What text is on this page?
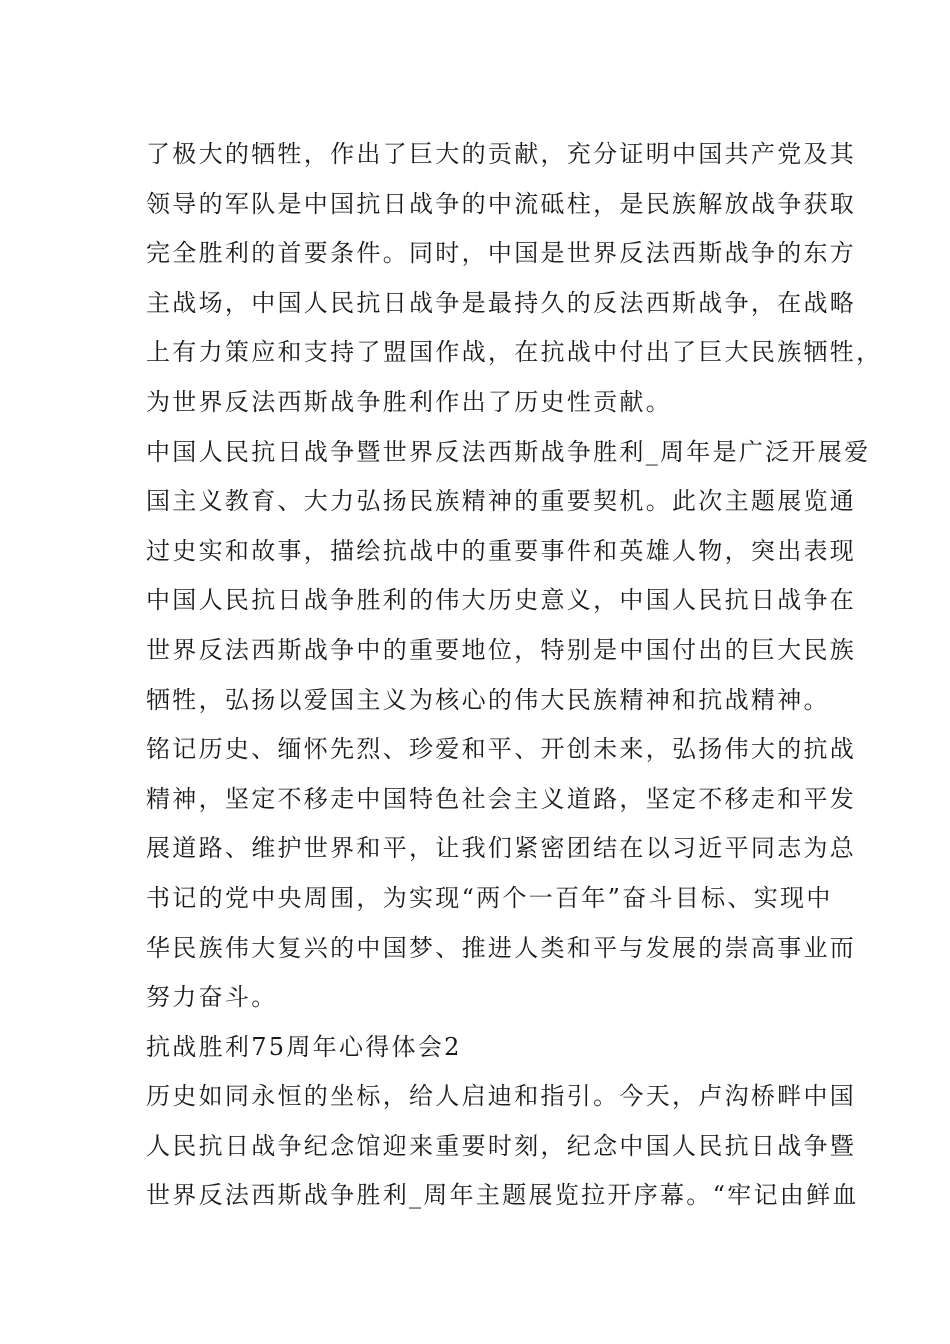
了极大的牺牲，作出了巨大的贡献，充分证明中国共产党及其
领导的军队是中国抗日战争的中流砥柱，是民族解放战争获取
完全胜利的首要条件。同时，中国是世界反法西斯战争的东方
主战场，中国人民抗日战争是最持久的反法西斯战争，在战略
上有力策应和支持了盟国作战，在抗战中付出了巨大民族牺牲，
为世界反法西斯战争胜利作出了历史性贡献。
中国人民抗日战争暨世界反法西斯战争胜利_周年是广泛开展爱
国主义教育、大力弘扬民族精神的重要契机。此次主题展览通
过史实和故事，描绘抗战中的重要事件和英雄人物，突出表现
中国人民抗日战争胜利的伟大历史意义，中国人民抗日战争在
世界反法西斯战争中的重要地位，特别是中国付出的巨大民族
牺牲，弘扬以爱国主义为核心的伟大民族精神和抗战精神。
铭记历史、缅怀先烈、珍爱和平、开创未来，弘扬伟大的抗战
精神，坚定不移走中国特色社会主义道路，坚定不移走和平发
展道路、维护世界和平，让我们紧密团结在以习近平同志为总
书记的党中央周围，为实现“两个一百年”奋斗目标、实现中
华民族伟大复兴的中国梦、推进人类和平与发展的崇高事业而
努力奋斗。
抗战胜利75周年心得体会2
历史如同永恒的坐标，给人启迪和指引。今天，卢沟桥畔中国
人民抗日战争纪念馆迎来重要时刻，纪念中国人民抗日战争暨
世界反法西斯战争胜利_周年主题展览拉开序幕。“牢记由鲜血
